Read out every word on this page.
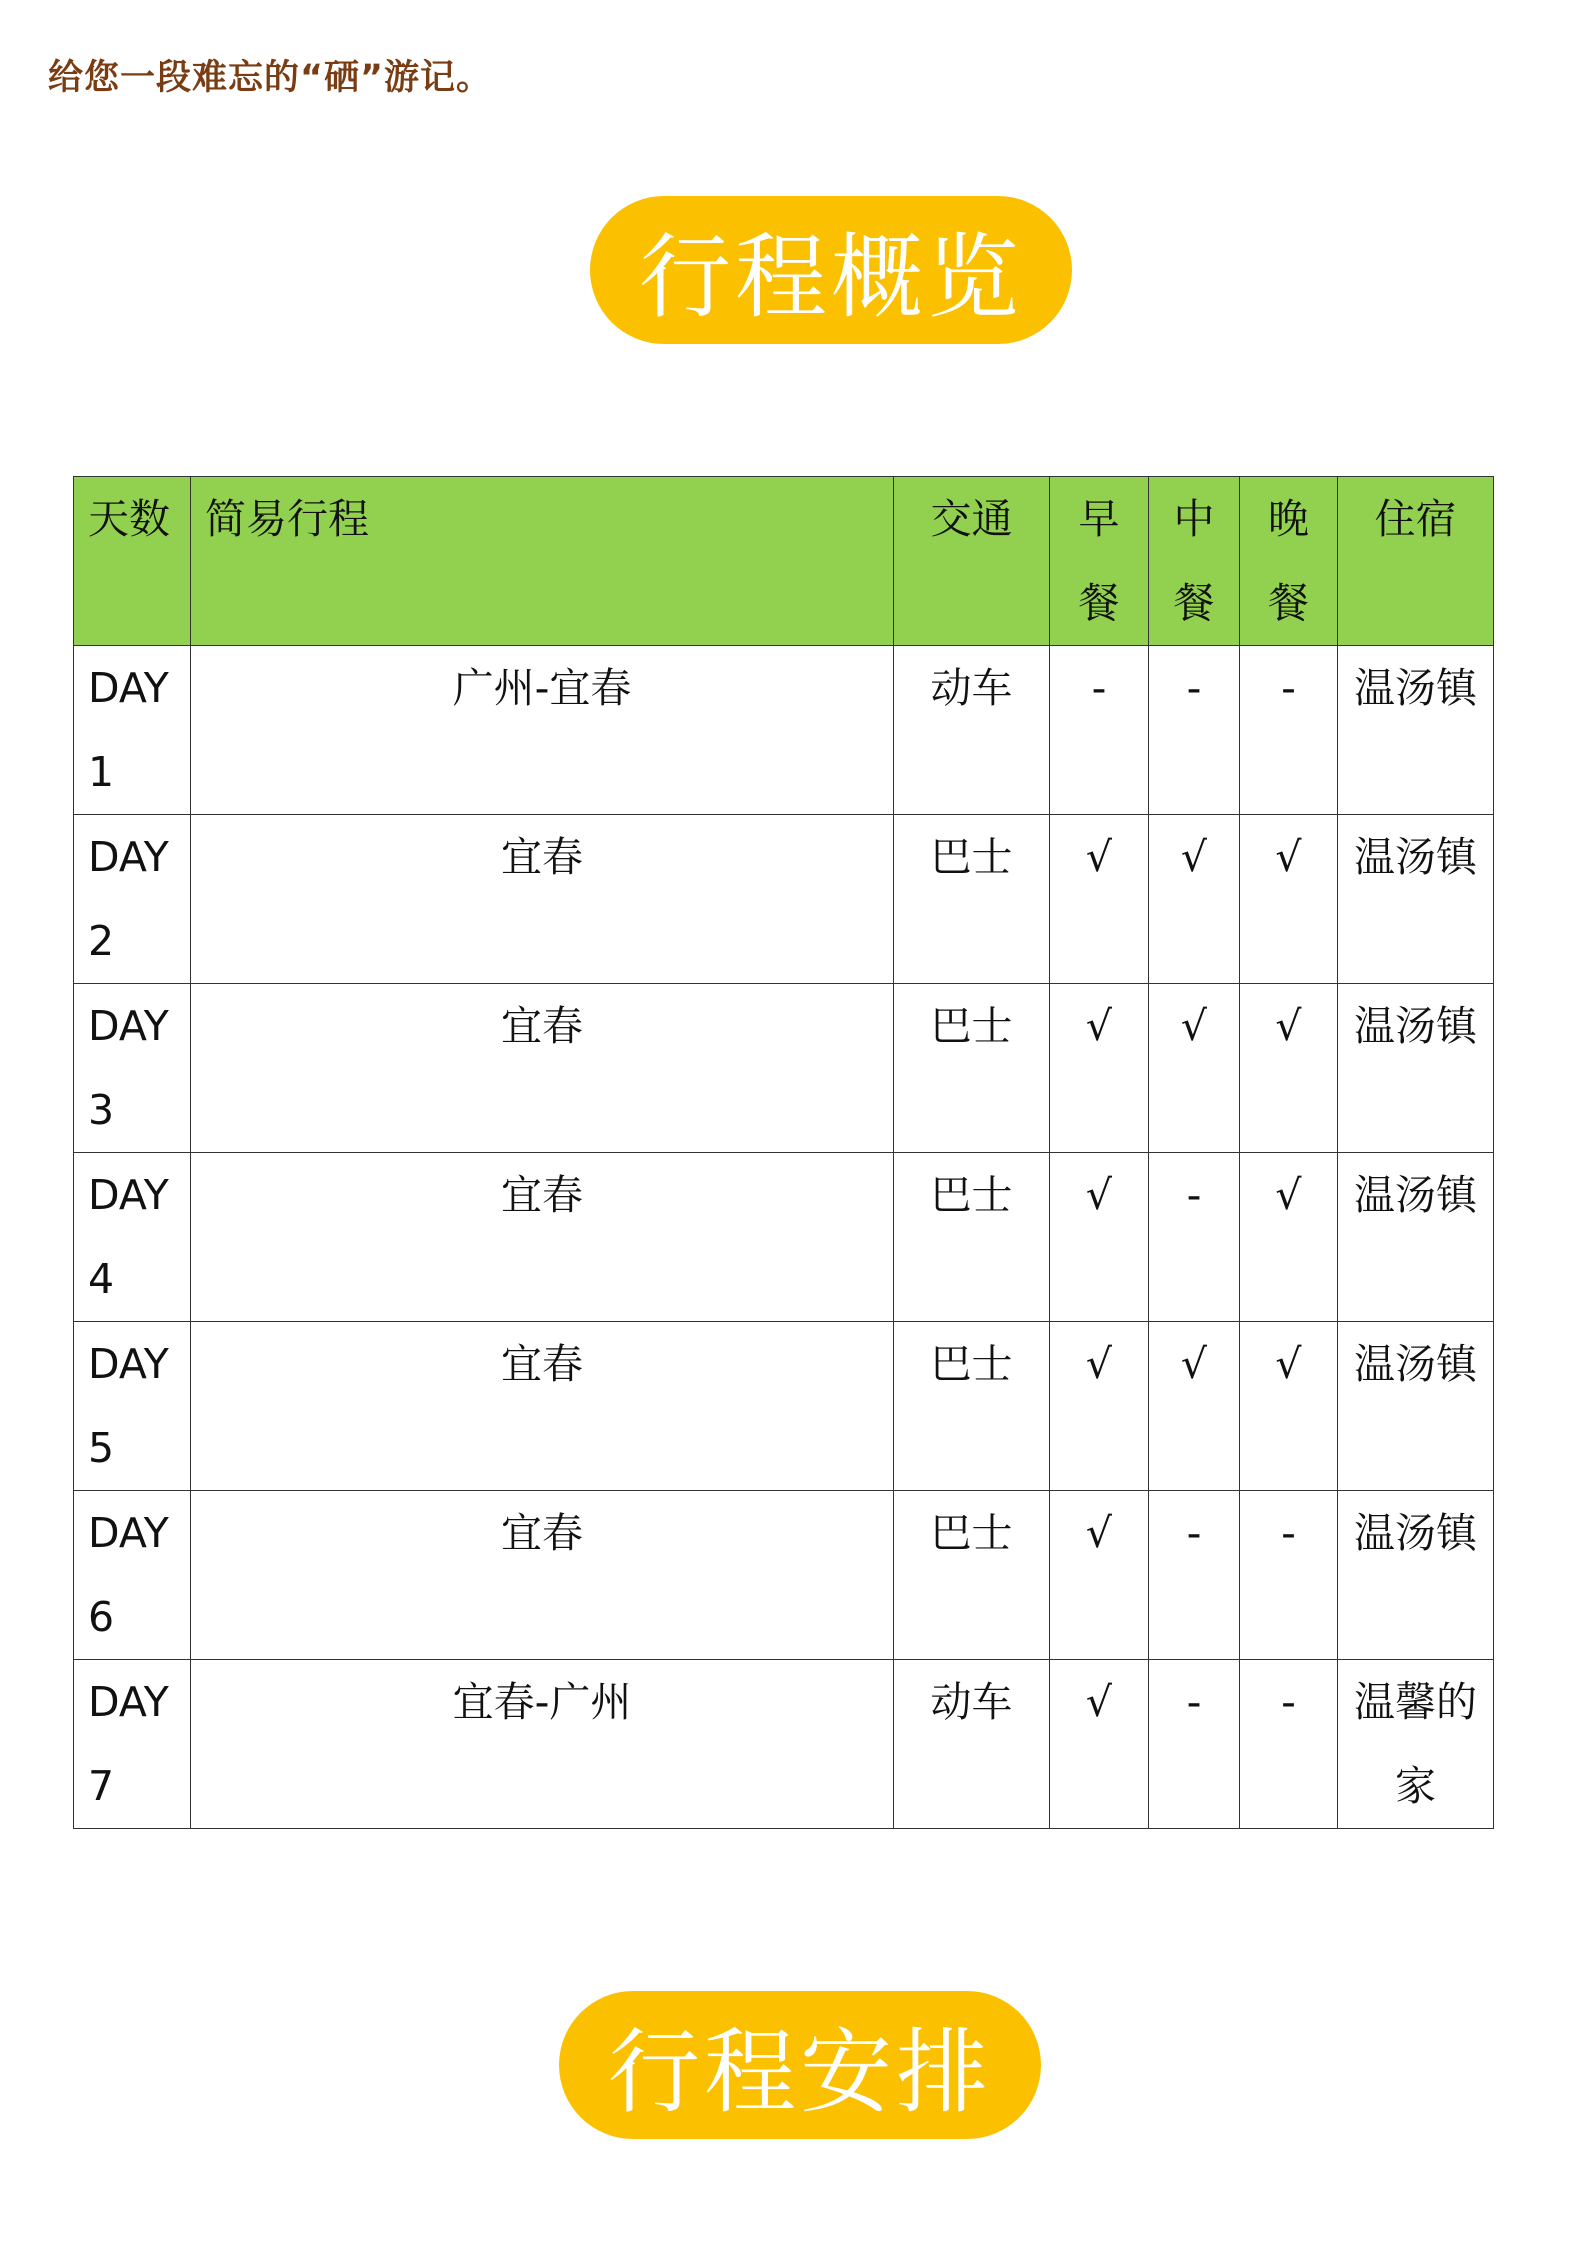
给您一段难忘的“硒”游记。
行程概览
天数	简易行程	交通	早餐	中餐	晚餐	住宿
DAY1	广州-宜春	动车	-	-	-	温汤镇
DAY2	宜春	巴士	√	√	√	温汤镇
DAY3	宜春	巴士	√	√	√	温汤镇
DAY4	宜春	巴士	√	-	√	温汤镇
DAY5	宜春	巴士	√	√	√	温汤镇
DAY6	宜春	巴士	√	-	-	温汤镇
DAY7	宜春-广州	动车	√	-	-	温馨的家
行程安排
